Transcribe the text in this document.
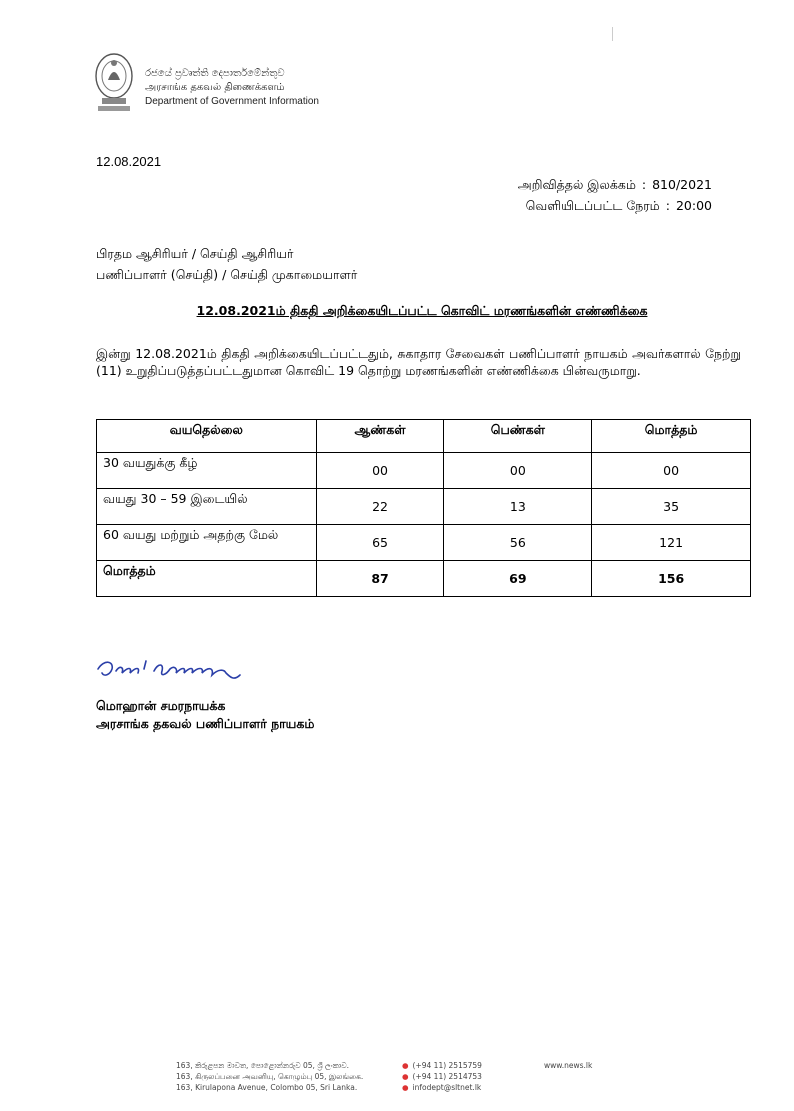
රජයේ ප්‍රවෘත්ති දෙපාර්තමේන්තුව
அரசாங்க தகவல் திணைக்களம்
Department of Government Information
12.08.2021
அறிவித்தல் இலக்கம் : 810/2021
வெளியிடப்பட்ட நேரம் : 20:00
பிரதம ஆசிரியர் / செய்தி ஆசிரியர்
பணிப்பாளர் (செய்தி) / செய்தி முகாமையாளர்
12.08.2021ம் திகதி அறிக்கையிடப்பட்ட கொவிட் மரணங்களின் எண்ணிக்கை
இன்று 12.08.2021ம் திகதி அறிக்கையிடப்பட்டதும், சுகாதார சேவைகள் பணிப்பாளர் நாயகம் அவர்களால் நேற்று (11) உறுதிப்படுத்தப்பட்டதுமான கொவிட் 19 தொற்று மரணங்களின் எண்ணிக்கை பின்வருமாறு.
வயதெல்லை	ஆண்கள்	பெண்கள்	மொத்தம்
30 வயதுக்கு கீழ்	00	00	00
வயது 30 – 59 இடையில்	22	13	35
60 வயது மற்றும் அதற்கு மேல்	65	56	121
மொத்தம்	87	69	156
மொஹான் சமரநாயக்க
அரசாங்க தகவல் பணிப்பாளர் நாயகம்
163, කිරුළපන මාවත, පොළොන්නරුව 05, ශ්‍රී ලංකාව.
163, கிருலப்பனை அவனியு, கொழும்பு 05, இலங்கை.
163, Kirulapona Avenue, Colombo 05, Sri Lanka.
● (+94 11) 2515759
● (+94 11) 2514753
● infodept@sltnet.lk
www.news.lk
